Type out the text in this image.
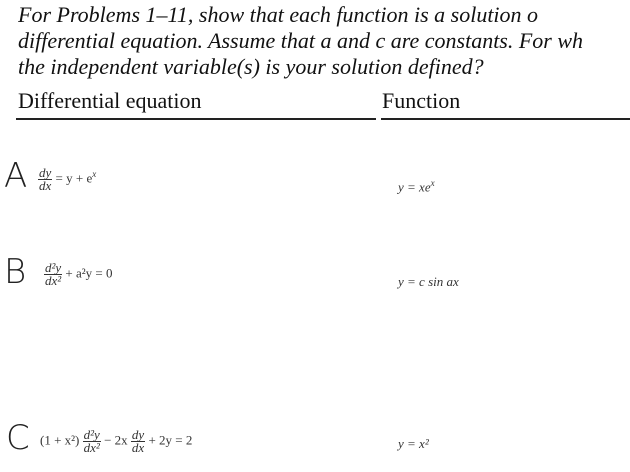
For Problems 1–11, show that each function is a solution o
differential equation. Assume that a and c are constants. For wh
the independent variable(s) is your solution defined?
Differential equation	Function
A $\frac{dy}{dx} = y + e^x$
$y = xe^x$
B $\frac{\text{d²y}}{\text{dx²}} + a^2y = 0$
y = c sin ax
C $(1 + x^2) \frac{\text{d²y}}{\text{dx²}} - 2x \frac{dy}{dx} + 2y = 2$	y = x²
